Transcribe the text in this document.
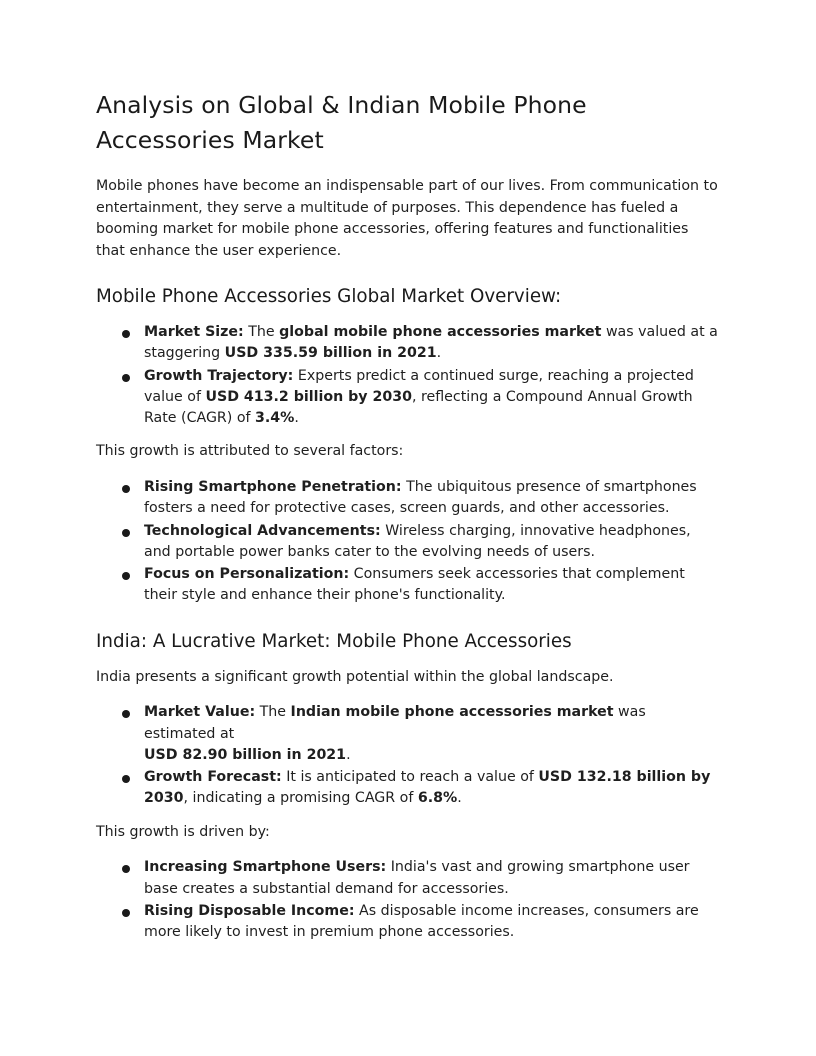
Analysis on Global & Indian Mobile Phone Accessories Market

Mobile phones have become an indispensable part of our lives. From communication to entertainment, they serve a multitude of purposes. This dependence has fueled a booming market for mobile phone accessories, offering features and functionalities that enhance the user experience.

Mobile Phone Accessories Global Market Overview:
Market Size: The global mobile phone accessories market was valued at a staggering USD 335.59 billion in 2021.
Growth Trajectory: Experts predict a continued surge, reaching a projected value of USD 413.2 billion by 2030, reflecting a Compound Annual Growth Rate (CAGR) of 3.4%.

This growth is attributed to several factors:

Rising Smartphone Penetration: The ubiquitous presence of smartphones fosters a need for protective cases, screen guards, and other accessories.
Technological Advancements: Wireless charging, innovative headphones, and portable power banks cater to the evolving needs of users.
Focus on Personalization: Consumers seek accessories that complement their style and enhance their phone's functionality.
India: A Lucrative Market: Mobile Phone Accessories

India presents a significant growth potential within the global landscape.

Market Value: The Indian mobile phone accessories market was estimated at
USD 82.90 billion in 2021.
Growth Forecast: It is anticipated to reach a value of USD 132.18 billion by 2030, indicating a promising CAGR of 6.8%.

This growth is driven by:

Increasing Smartphone Users: India's vast and growing smartphone user base creates a substantial demand for accessories.
Rising Disposable Income: As disposable income increases, consumers are more likely to invest in premium phone accessories.
